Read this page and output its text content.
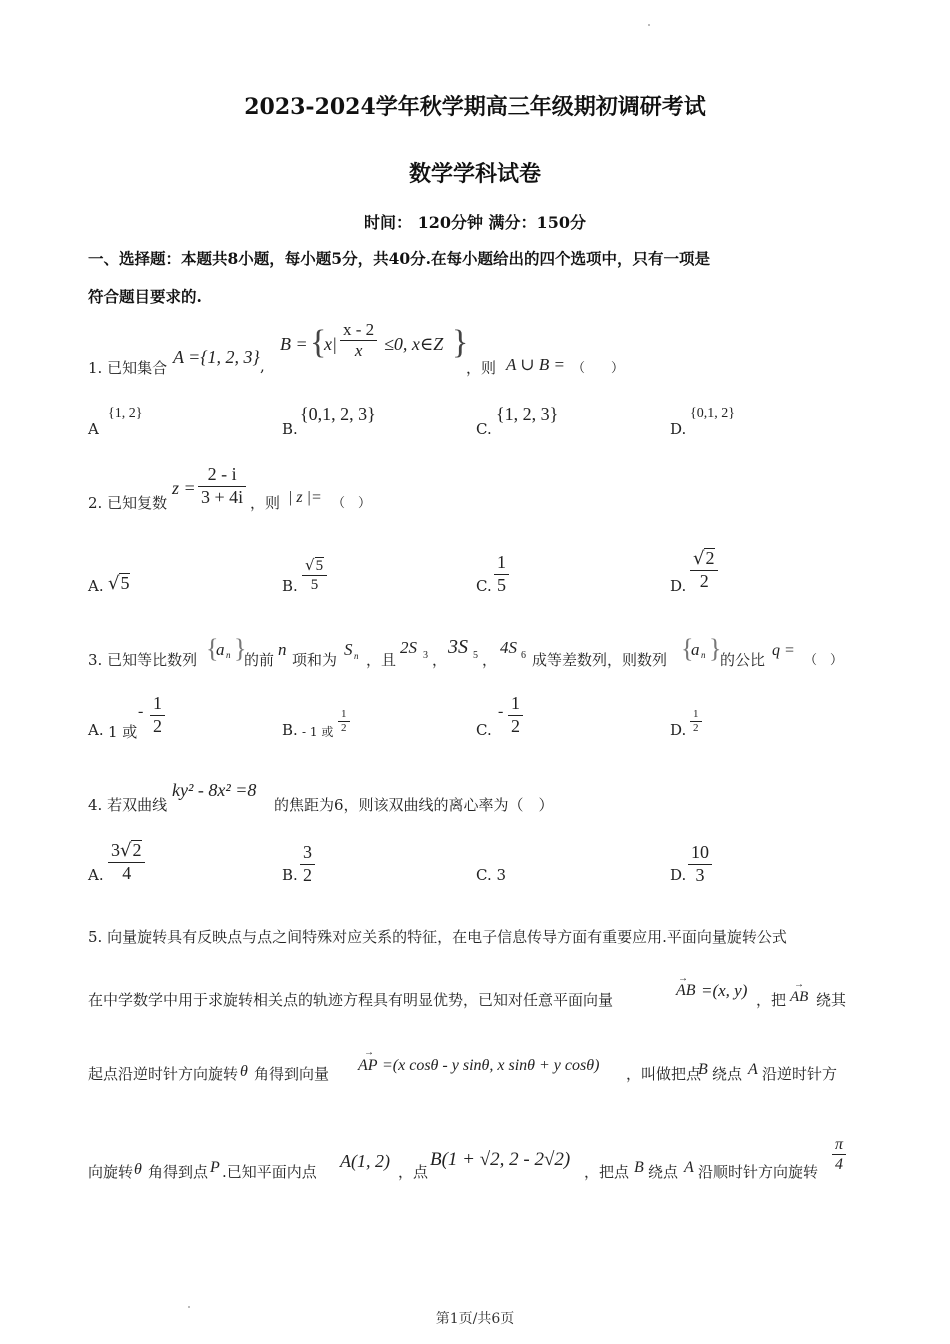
2023-2024学年秋学期高三年级期初调研考试
数学学科试卷
时间： 120分钟 满分：150分
一、选择题：本题共8小题，每小题5分，共40分.在每小题给出的四个选项中，只有一项是
符合题目要求的.
1. 已知集合
A ={1, 2, 3} ,
B = {
$x| \frac{x - 2}{x} \le 0$, x∈Z }
，则 A ∪ B = （　　）
A
{1, 2}
B.
{0,1, 2, 3}
C.
{1, 2, 3}
D.
{0,1, 2}
2. 已知复数
$z = \frac{2 - i}{3 + 4i}$ ，则 | z |= （　）
A. √5	B. $\frac{√5}{5}$	C. $\frac{1}{5}$	D. $\frac{√2}{2}$
3. 已知等比数列 {
a n }
的前
n
项和为
S n ，且
2S 3 ，
3S 5 ，
4S 6 成等差数列，则数列 {
a n }
的公比
q =
（　）
A. 1 或
- $\frac{1}{2}$	B. - 1 或 $\frac{1}{2}$	C.
- $\frac{1}{2}$	D. $\frac{1}{2}$
4. 若双曲线
ky² - 8x² =8
的焦距为6，则该双曲线的离心率为（　）
A. $\frac{3√2}{4}$	B. $\frac{3}{2}$	C. 3	D. $\frac{10}{3}$
5. 向量旋转具有反映点与点之间特殊对应关系的特征，在电子信息传导方面有重要应用.平面向量旋转公式
在中学数学中用于求旋转相关点的轨迹方程具有明显优势，已知对任意平面向量
→
AB =(x, y) ，把
→
AB 绕其
起点沿逆时针方向旋转 θ 角得到向量
→
AP =(x cosθ - y sinθ, x sinθ + y cosθ) ，叫做把点
B 绕点 A 沿逆时针方
向旋转 θ 角得到点 P .已知平面内点
A(1, 2)
，点
B(1 + √2, 2 - 2√2)
，把点 B 绕点 A 沿顺时针方向旋转 $\frac{\pi}{4}$
第1页/共6页
